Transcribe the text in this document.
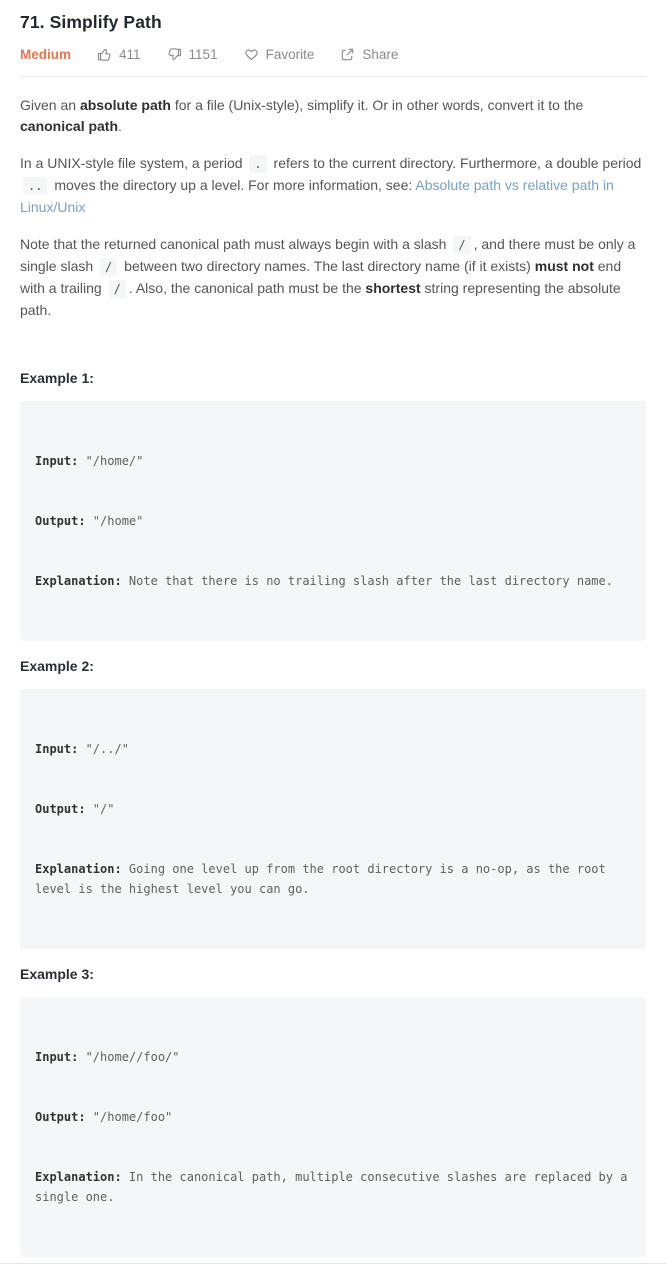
71. Simplify Path
Medium	411	1151	Favorite	Share

Given an absolute path for a file (Unix-style), simplify it. Or in other words, convert it to the canonical path.

In a UNIX-style file system, a period . refers to the current directory. Furthermore, a double period .. moves the directory up a level. For more information, see: Absolute path vs relative path in Linux/Unix

Note that the returned canonical path must always begin with a slash / , and there must be only a single slash / between two directory names. The last directory name (if it exists) must not end with a trailing / . Also, the canonical path must be the shortest string representing the absolute path.

Example 1:

Input: "/home/"

Output: "/home"

Explanation: Note that there is no trailing slash after the last directory name.

Example 2:

Input: "/../"

Output: "/"

Explanation: Going one level up from the root directory is a no-op, as the root level is the highest level you can go.

Example 3:

Input: "/home//foo/"

Output: "/home/foo"

Explanation: In the canonical path, multiple consecutive slashes are replaced by a single one.
